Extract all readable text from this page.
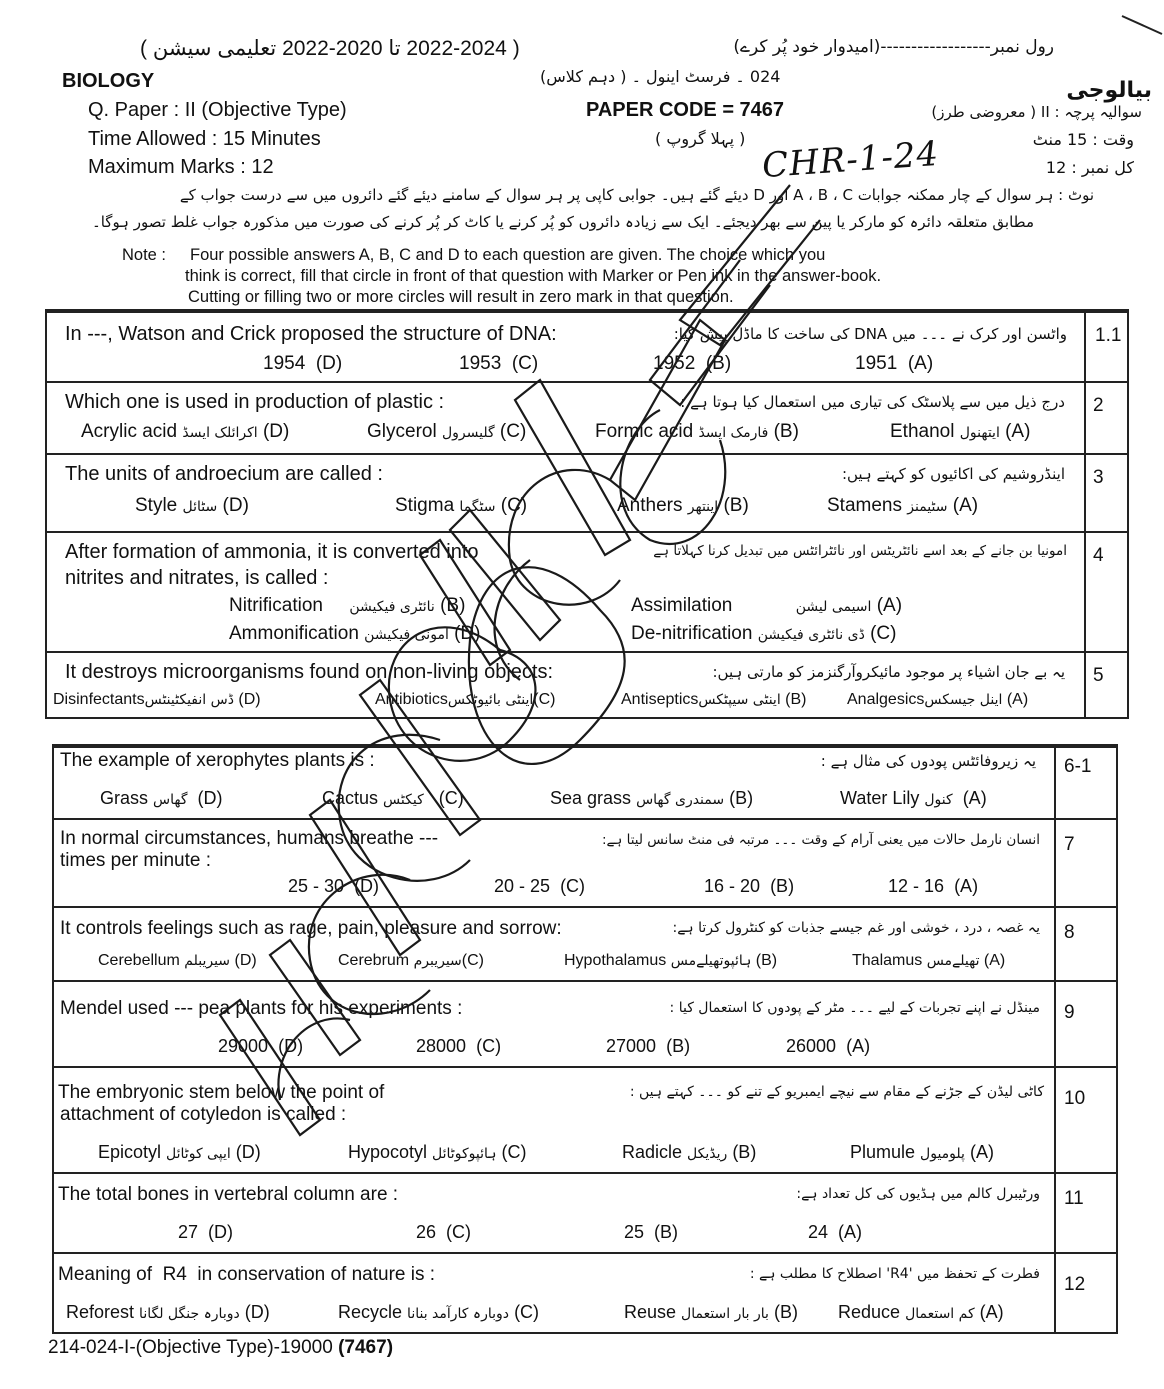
( 2022-2024 تا 2020-2022 تعلیمی سیشن )	رول نمبر------------------(امیدوار خود پُر کرے)
BIOLOGY	024 ۔ فرسٹ اینول ۔ ( دہم کلاس)
بیالوجی
Q. Paper : II (Objective Type)	PAPER CODE = 7467	سوالیہ پرچہ : II ( معروضی طرز)
Time Allowed : 15 Minutes	( پہلا گروپ )	وقت : 15 منٹ
Maximum Marks : 12	CHR-1-24	کل نمبر : 12
نوٹ : ہر سوال کے چار ممکنہ جوابات A ، B ، C اور D دیئے گئے ہیں۔ جوابی کاپی پر ہر سوال کے سامنے دیئے گئے دائروں میں سے درست جواب کے
مطابق متعلقہ دائرہ کو مارکر یا پین سے بھر دیجئے۔ ایک سے زیادہ دائروں کو پُر کرنے یا کاٹ کر پُر کرنے کی صورت میں مذکورہ جواب غلط تصور ہوگا۔
Note : Four possible answers A, B, C and D to each question are given. The choice which you
think is correct, fill that circle in front of that question with Marker or Pen ink in the answer-book.
Cutting or filling two or more circles will result in zero mark in that question.
In ---, Watson and Crick proposed the structure of DNA:	واٹسن اور کرک نے ۔۔۔ میں DNA کی ساخت کا ماڈل پیش کیا: 1.1
1954 (D)	1953 (C)	1952 (B)	1951 (A)
Which one is used in production of plastic :	درج ذیل میں سے پلاسٹک کی تیاری میں استعمال کیا ہوتا ہے : 2
Acrylic acid اکرائلک ایسڈ (D)	Glycerol گلیسرول (C)	Formic acid فارمک ایسڈ (B)	Ethanol ایتھنول (A)
The units of androecium are called :	اینڈروشیم کی اکائیوں کو کہتے ہیں: 3
Style سٹائل (D)	Stigma سٹگما (C)	Anthers اینتھر (B)	Stamens سٹیمنز (A)
After formation of ammonia, it is converted into
nitrites and nitrates, is called :
امونیا بن جانے کے بعد اسے نائٹریٹس اور نائٹرائٹس میں تبدیل کرنا کہلاتا ہے 4
Nitrification نائٹری فیکیشن (B)	Assimilation	اسیمی لیشن (A)
Ammonification امونی فیکیشن (D)	De-nitrification ڈی نائٹری فیکیشن (C)
It destroys microorganisms found on non-living objects:	یہ بے جان اشیاء پر موجود مائیکروآرگنزمز کو مارتی ہیں: 5
Disinfectantsڈس انفیکٹینٹس (D)	Antibioticsاینٹی بائیوٹکس(C)	Antisepticsاینٹی سیپٹکس (B)	Analgesicsاینل جیسکس (A)
The example of xerophytes plants is :	یہ زیروفائٹس پودوں کی مثال ہے : 6-1
Grass گھاس (D)	Cactus کیکٹس (C)	Sea grass سمندری گھاس (B)	Water Lily کنول (A)
In normal circumstances, humans breathe ---
times per minute :
انسان نارمل حالات میں یعنی آرام کے وقت ۔۔۔ مرتبہ فی منٹ سانس لیتا ہے: 7
25 - 30 (D)	20 - 25 (C)	16 - 20 (B)	12 - 16 (A)
It controls feelings such as rage, pain, pleasure and sorrow:	یہ غصہ ، درد ، خوشی اور غم جیسے جذبات کو کنٹرول کرتا ہے: 8
Cerebellum سیریبلم (D)	Cerebrum سیریبرم(C)	Hypothalamus ہائپوتھیلےمس (B)	Thalamus تھیلےمس (A)
Mendel used --- pea plants for his experiments :	مینڈل نے اپنے تجربات کے لیے ۔۔۔ مٹر کے پودوں کا استعمال کیا : 9
29000 (D)	28000 (C)	27000 (B)	26000 (A)
The embryonic stem below the point of
attachment of cotyledon is called :
کاٹی لیڈن کے جڑنے کے مقام سے نیچے ایمبریو کے تنے کو ۔۔۔ کہتے ہیں : 10
Epicotyl ایپی کوٹائل (D)	Hypocotyl ہائپوکوٹائل (C)	Radicle ریڈیکل (B)	Plumule پلومیول (A)
The total bones in vertebral column are :	ورٹیبرل کالم میں ہڈیوں کی کل تعداد ہے: 11
27 (D)	26 (C)	25 (B)	24 (A)
Meaning of  R4  in conservation of nature is :	فطرت کے تحفظ میں 'R4' اصطلاح کا مطلب ہے : 12
Reforest دوبارہ جنگل لگانا (D)	Recycle دوبارہ کارآمد بنانا (C)	Reuse بار بار استعمال (B) Reduce کم استعمال (A)
214-024-I-(Objective Type)-19000 (7467)
